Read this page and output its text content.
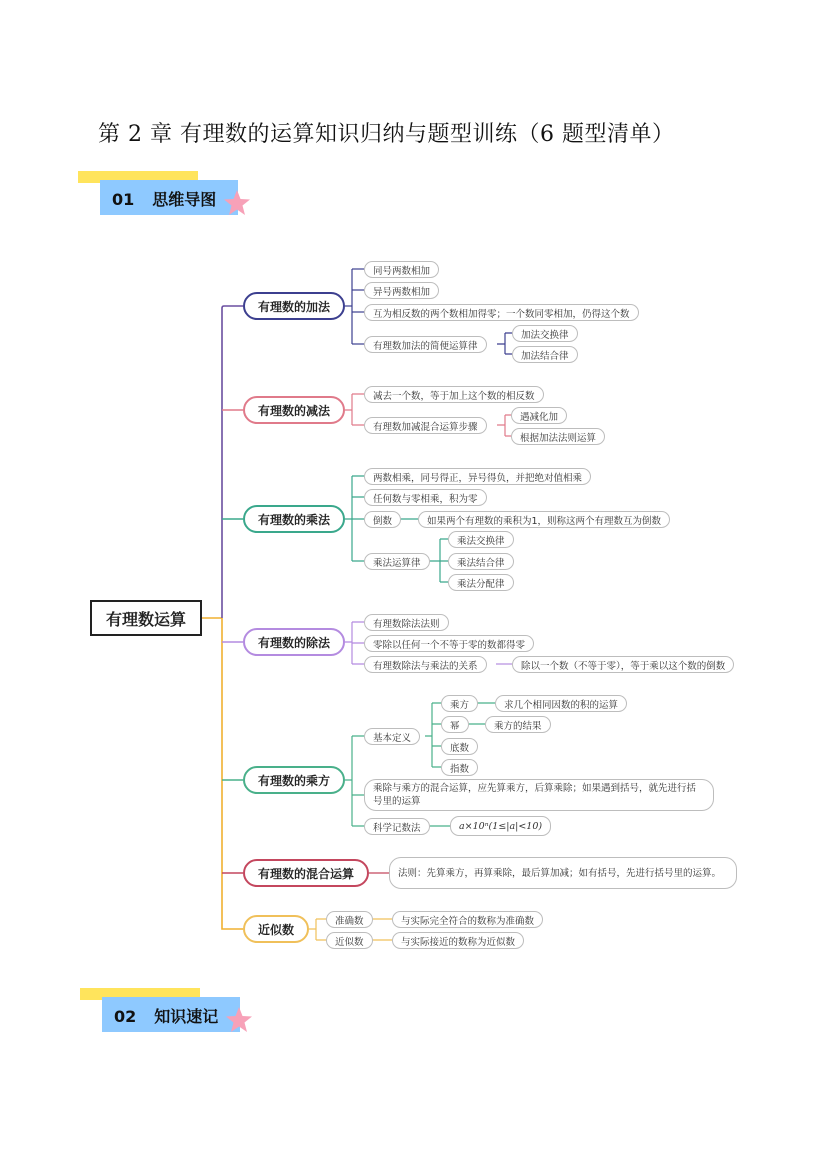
第 2 章 有理数的运算知识归纳与题型训练（6 题型清单）
01 思维导图
02 知识速记
有理数运算
有理数的加法
有理数的减法
有理数的乘法
有理数的除法
有理数的乘方
有理数的混合运算
近似数
同号两数相加
异号两数相加
互为相反数的两个数相加得零；一个数同零相加，仍得这个数
有理数加法的简便运算律
加法交换律
加法结合律
减去一个数，等于加上这个数的相反数
有理数加减混合运算步骤
遇减化加
根据加法法则运算
两数相乘，同号得正，异号得负，并把绝对值相乘
任何数与零相乘，积为零
倒数	如果两个有理数的乘积为1，则称这两个有理数互为倒数
乘法运算律
乘法交换律
乘法结合律
乘法分配律
有理数除法法则
零除以任何一个不等于零的数都得零
有理数除法与乘法的关系	除以一个数（不等于零），等于乘以这个数的倒数
基本定义
乘方	求几个相同因数的积的运算
幂	乘方的结果
底数
指数
乘除与乘方的混合运算，应先算乘方，后算乘除；如果遇到括号，就先进行括号里的运算
科学记数法	a×10ⁿ(1≤|a|<10)
法则：先算乘方，再算乘除，最后算加减；如有括号，先进行括号里的运算。
准确数	与实际完全符合的数称为准确数
近似数	与实际接近的数称为近似数
